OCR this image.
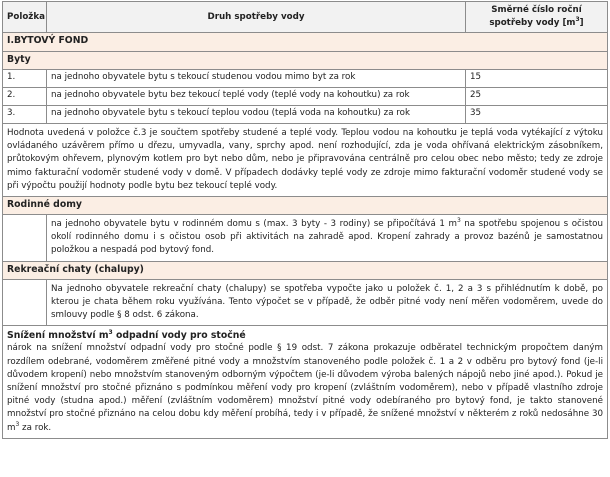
Položka	Druh spotřeby vody	Směrné číslo roční
spotřeby vody $[m^3]$
I.BYTOVÝ FOND		
Byty		
1.	na jednoho obyvatele bytu s tekoucí studenou vodou mimo byt za rok	15
2.	na jednoho obyvatele bytu bez tekoucí teplé vody (teplé vody na kohoutku) za rok	25
3.	na jednoho obyvatele bytu s tekoucí teplou vodou (teplá voda na kohoutku) za rok	35
Hodnota uvedená v položce č.3 je součtem spotřeby studené a teplé vody. Teplou vodou na kohoutku je teplá voda vytékající z výtoku ovládaného uzávěrem přímo u dřezu, umyvadla, vany, sprchy apod. není rozhodující, zda je voda ohřívaná elektrickým zásobníkem, průtokovým ohřevem, plynovým kotlem pro byt nebo dům, nebo je připravována centrálně pro celou obec nebo město; tedy ze zdroje mimo fakturační vodoměr studené vody v domě. V případech dodávky teplé vody ze zdroje mimo fakturační vodoměr studené vody se při výpočtu použijí hodnoty podle bytu bez tekoucí teplé vody.		
Rodinné domy		
	na jednoho obyvatele bytu v rodinném domu s (max. 3 byty - 3 rodiny) se připočítává 1 $m^3$ na spotřebu spojenou s očistou okolí rodinného domu i s očistou osob při aktivitách na zahradě apod. Kropení zahrady a provoz bazénů je samostatnou položkou a nespadá pod bytový fond.	
Rekreační chaty (chalupy)		
	Na jednoho obyvatele rekreační chaty (chalupy) se spotřeba vypočte jako u položek č. 1, 2 a 3 s přihlédnutím k době, po kterou je chata během roku využívána. Tento výpočet se v případě, že odběr pitné vody není měřen vodoměrem, uvede do smlouvy podle § 8 odst. 6 zákona.	

Snížení množství $m^3$ odpadní vody pro stočné
nárok na snížení množství odpadní vody pro stočné podle § 19 odst. 7 zákona prokazuje odběratel technickým propočtem daným rozdílem odebrané, vodoměrem změřené pitné vody a množstvím stanoveného podle položek č. 1 a 2 v odběru pro bytový fond (je-li důvodem kropení) nebo množstvím stanoveným odborným výpočtem (je-li důvodem výroba balených nápojů nebo jiné apod.). Pokud je snížení množství pro stočné přiznáno s podmínkou měření vody pro kropení (zvláštním vodoměrem), nebo v případě vlastního zdroje pitné vody (studna apod.) měření (zvláštním vodoměrem) množství pitné vody odebíraného pro bytový fond, je takto stanovené množství pro stočné přiznáno na celou dobu kdy měření probíhá, tedy i v případě, že snížené množství v některém z roků nedosáhne 30 $m^3$ za rok.		
